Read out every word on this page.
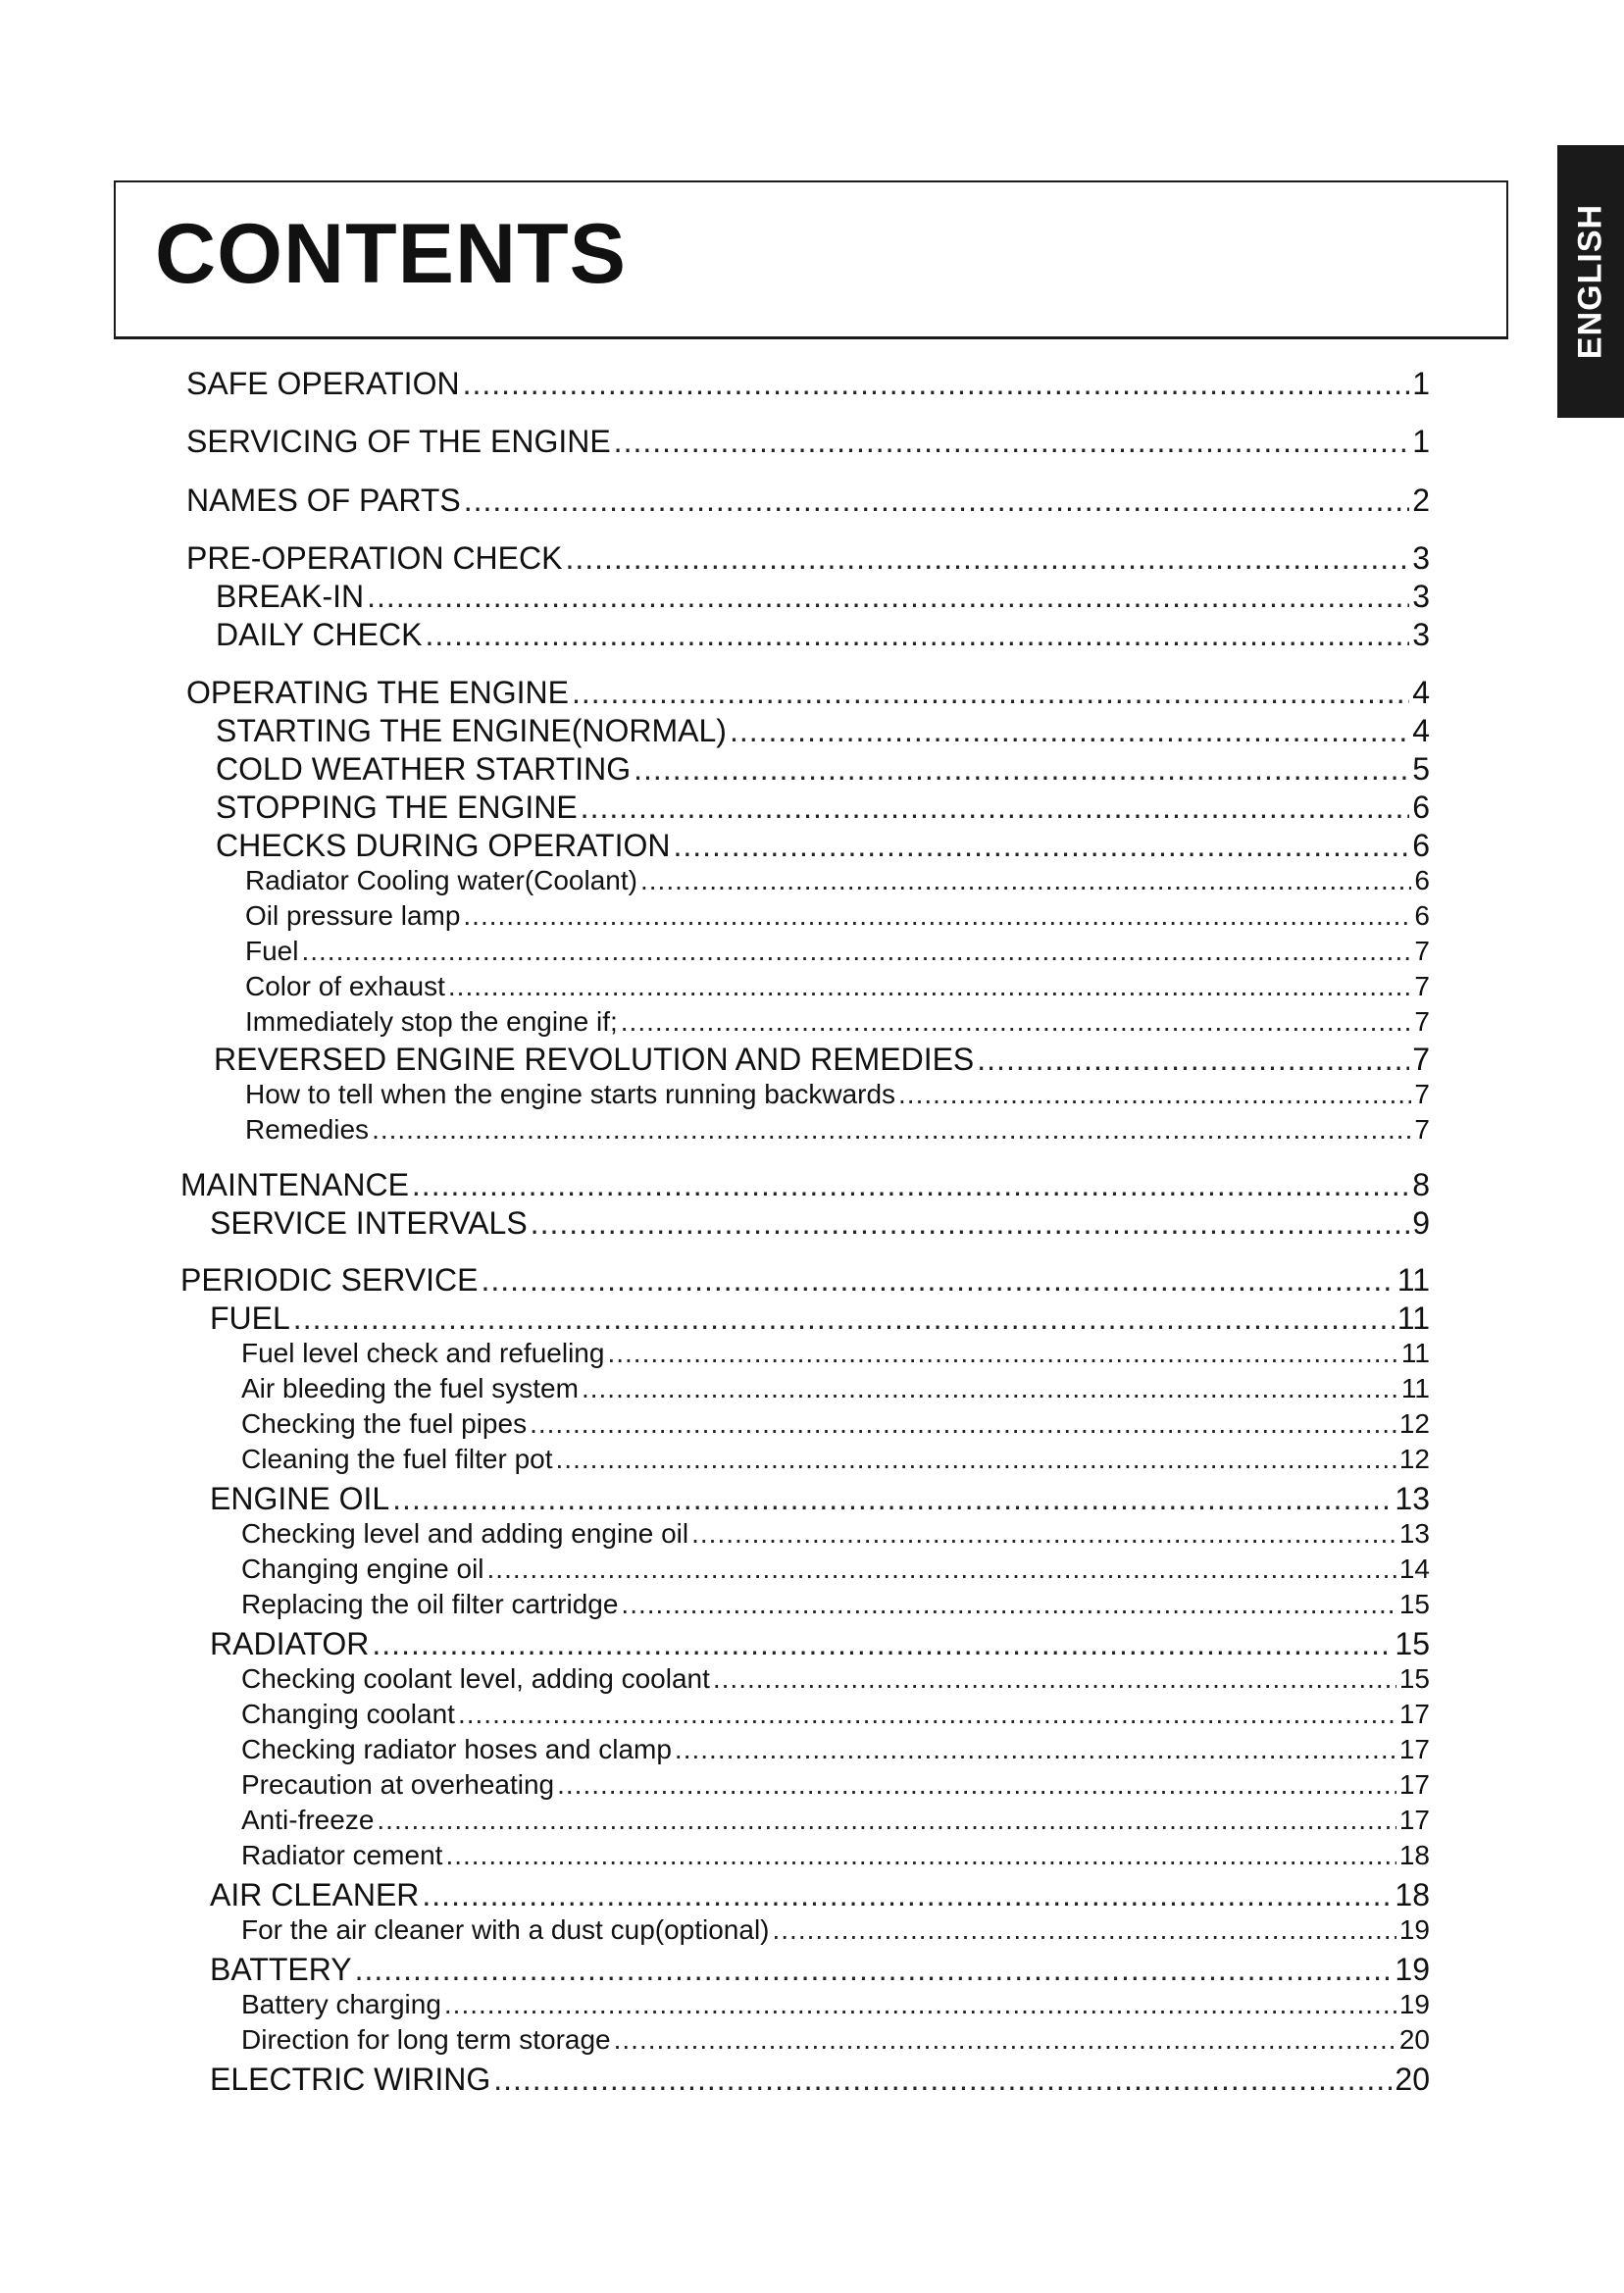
CONTENTS	ENGLISH
SAFE OPERATION .....	1
SERVICING OF THE ENGINE .....	1
NAMES OF PARTS .....	2
PRE-OPERATION CHECK .....	3
BREAK-IN .....	3
DAILY CHECK .....	3
OPERATING THE ENGINE .....	4
STARTING THE ENGINE(NORMAL) .....	4
COLD WEATHER STARTING .....	5
STOPPING THE ENGINE .....	6
CHECKS DURING OPERATION .....	6
Radiator Cooling water(Coolant) .....	6
Oil pressure lamp .....	6
Fuel .....	7
Color of exhaust .....	7
Immediately stop the engine if; .....	7
REVERSED ENGINE REVOLUTION AND REMEDIES .....	7
How to tell when the engine starts running backwards .....	7
Remedies .....	7
MAINTENANCE .....	8
SERVICE INTERVALS .....	9
PERIODIC SERVICE .....	11
FUEL .....	11
Fuel level check and refueling .....	11
Air bleeding the fuel system .....	11
Checking the fuel pipes .....	12
Cleaning the fuel filter pot .....	12
ENGINE OIL .....	13
Checking level and adding engine oil .....	13
Changing engine oil .....	14
Replacing the oil filter cartridge .....	15
RADIATOR .....	15
Checking coolant level, adding coolant .....	15
Changing coolant .....	17
Checking radiator hoses and clamp .....	17
Precaution at overheating .....	17
Anti-freeze .....	17
Radiator cement .....	18
AIR CLEANER .....	18
For the air cleaner with a dust cup(optional) .....	19
BATTERY .....	19
Battery charging .....	19
Direction for long term storage .....	20
ELECTRIC WIRING .....	20
